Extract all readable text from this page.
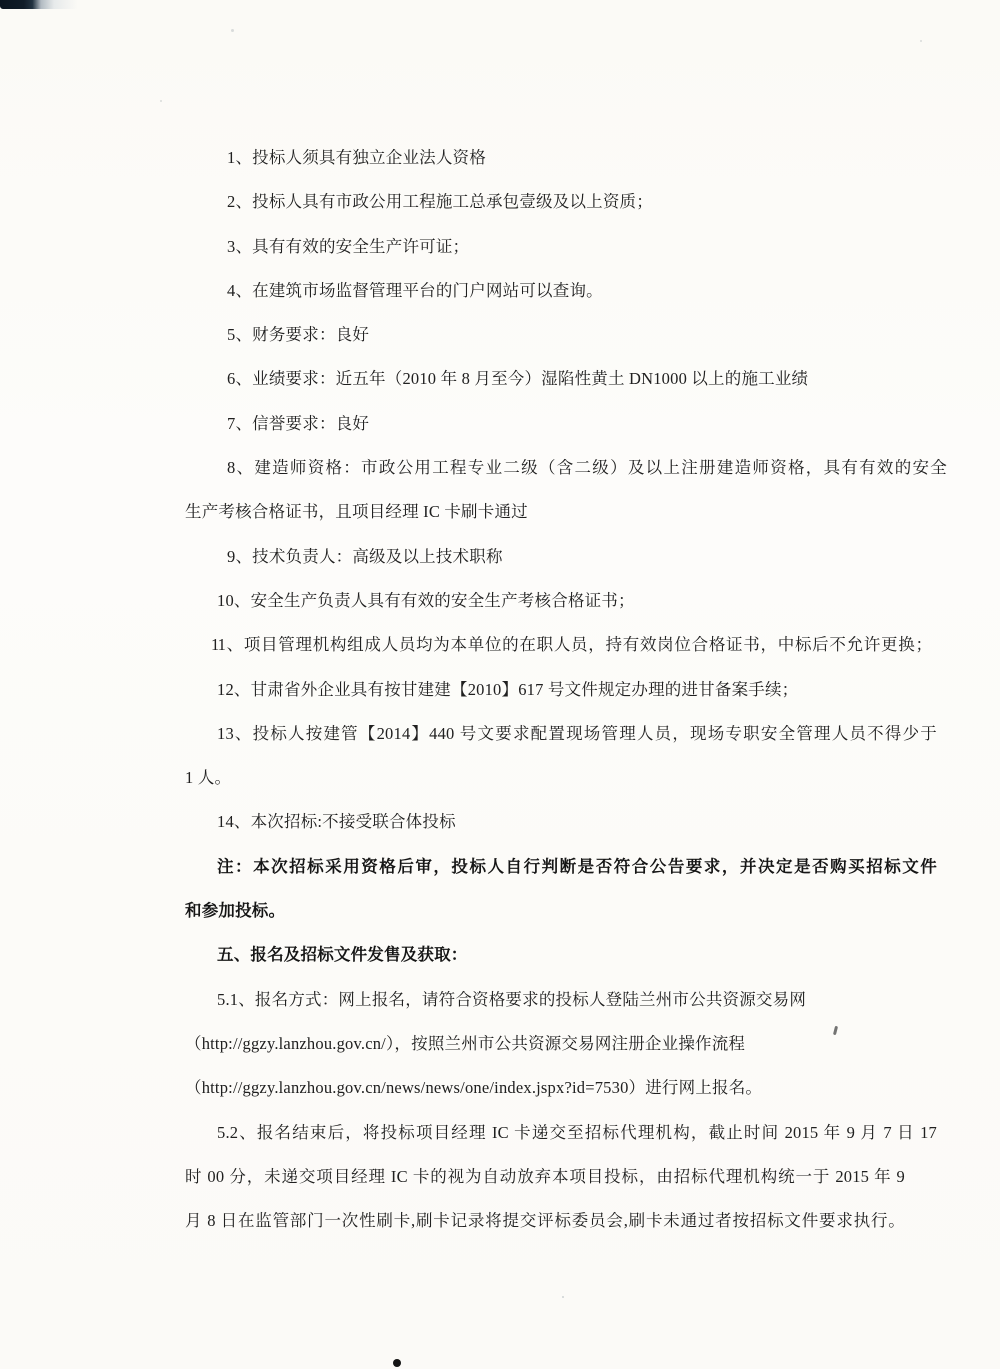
1、投标人须具有独立企业法人资格
2、投标人具有市政公用工程施工总承包壹级及以上资质；
3、具有有效的安全生产许可证；
4、在建筑市场监督管理平台的门户网站可以查询。
5、财务要求：良好
6、业绩要求：近五年（2010 年 8 月至今）湿陷性黄土 DN1000 以上的施工业绩
7、信誉要求：良好
8、建造师资格：市政公用工程专业二级（含二级）及以上注册建造师资格，具有有效的安全
生产考核合格证书，且项目经理 IC 卡刷卡通过
9、技术负责人：高级及以上技术职称
10、安全生产负责人具有有效的安全生产考核合格证书；
11、项目管理机构组成人员均为本单位的在职人员，持有效岗位合格证书，中标后不允许更换；
12、甘肃省外企业具有按甘建建【2010】617 号文件规定办理的进甘备案手续；
13、投标人按建管【2014】440 号文要求配置现场管理人员，现场专职安全管理人员不得少于
1 人。
14、本次招标:不接受联合体投标
注：本次招标采用资格后审，投标人自行判断是否符合公告要求，并决定是否购买招标文件
和参加投标。
五、报名及招标文件发售及获取：
5.1、报名方式：网上报名，请符合资格要求的投标人登陆兰州市公共资源交易网
（http://ggzy.lanzhou.gov.cn/），按照兰州市公共资源交易网注册企业操作流程
（http://ggzy.lanzhou.gov.cn/news/news/one/index.jspx?id=7530）进行网上报名。
5.2、报名结束后，将投标项目经理 IC 卡递交至招标代理机构，截止时间 2015 年 9 月 7 日 17
时 00 分，未递交项目经理 IC 卡的视为自动放弃本项目投标，由招标代理机构统一于 2015 年 9
月 8 日在监管部门一次性刷卡,刷卡记录将提交评标委员会,刷卡未通过者按招标文件要求执行。
